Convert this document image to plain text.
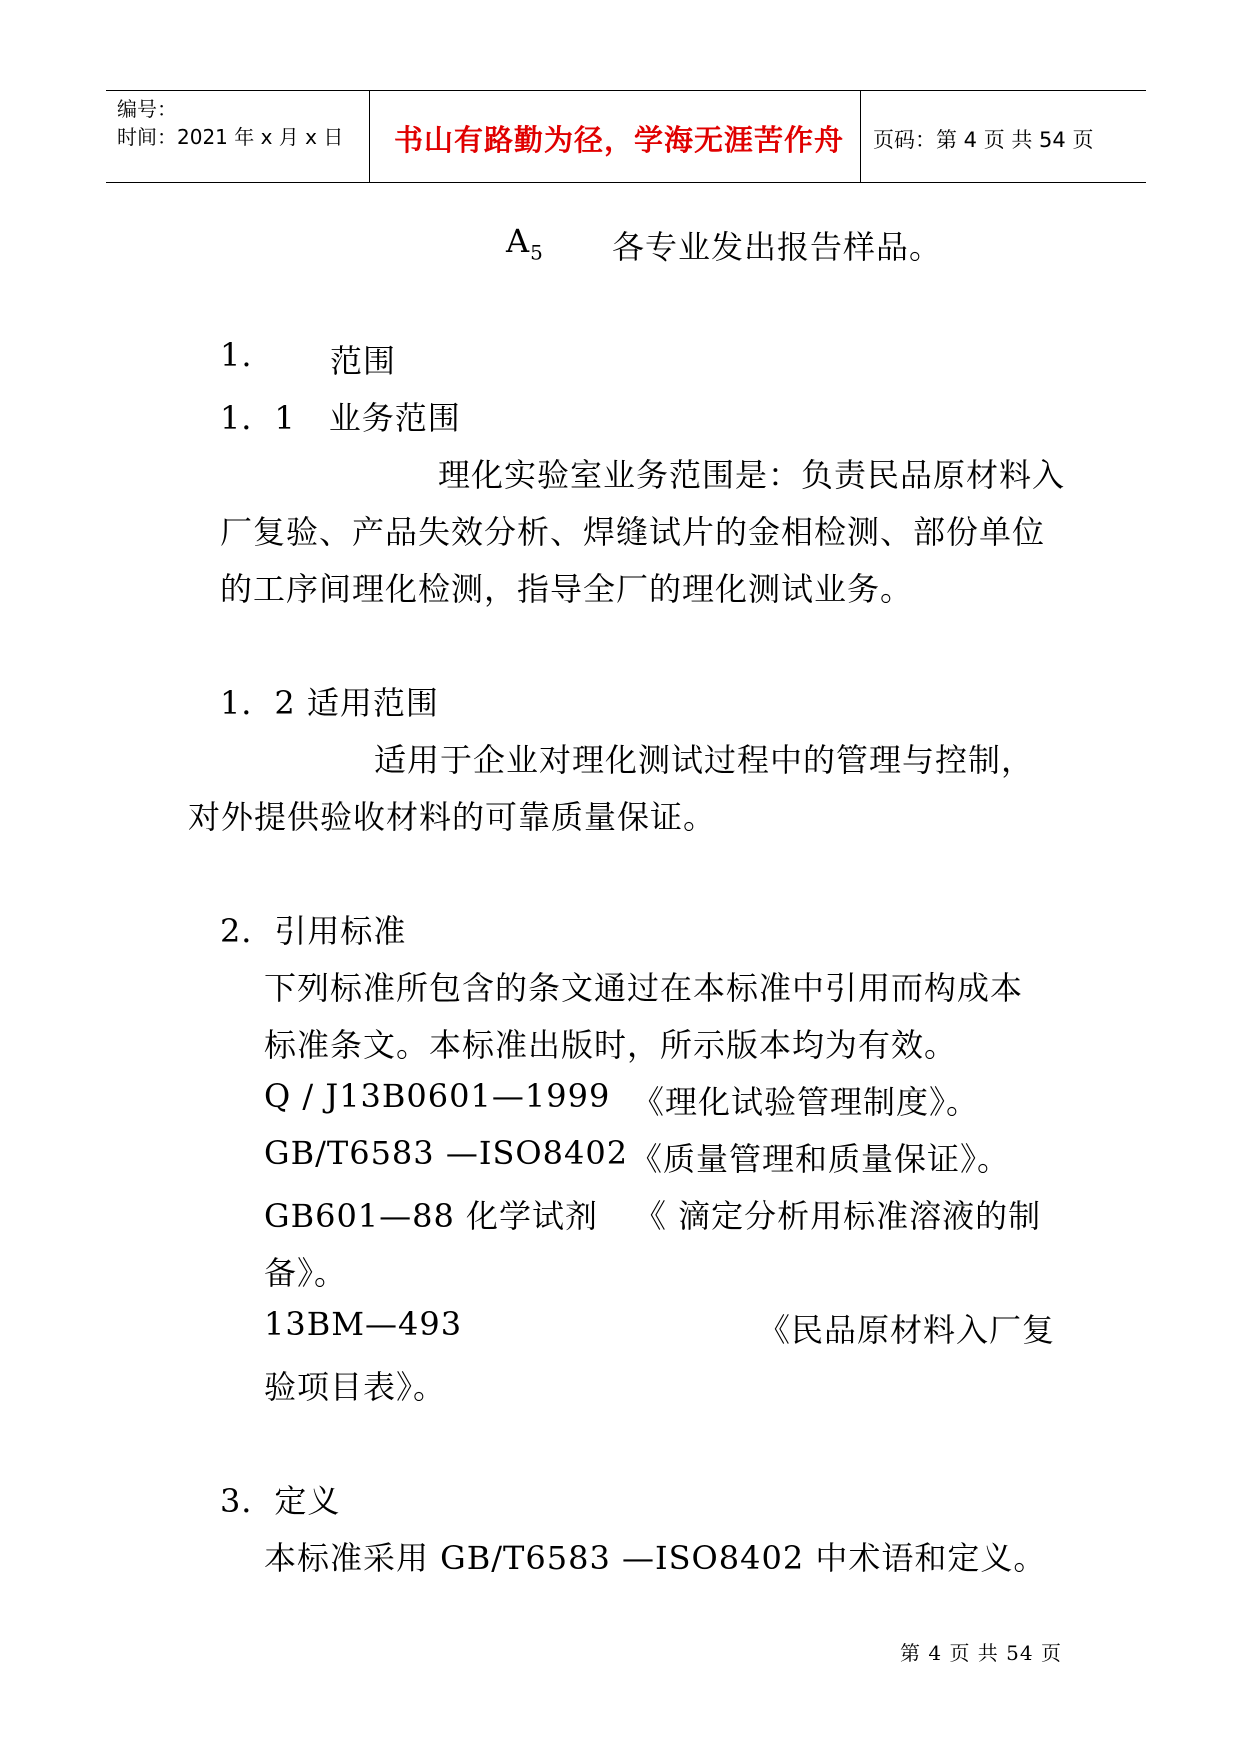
编号：
时间：2021 年 x 月 x 日 书山有路勤为径，学海无涯苦作舟 页码：第 4 页 共 54 页
$A_5$ 各专业发出报告样品。
1. 范围
1．1　业务范围
理化实验室业务范围是：负责民品原材料入
厂复验、产品失效分析、焊缝试片的金相检测、部份单位
的工序间理化检测，指导全厂的理化测试业务。
1．2 适用范围
适用于企业对理化测试过程中的管理与控制，
对外提供验收材料的可靠质量保证。
2．引用标准
下列标准所包含的条文通过在本标准中引用而构成本
标准条文。本标准出版时，所示版本均为有效。
Q / J13B0601—1999 《理化试验管理制度》。
GB/T6583 —ISO8402 《质量管理和质量保证》。
GB601—88 化学试剂 《 滴定分析用标准溶液的制
备》。
13BM—493	《民品原材料入厂复
验项目表》。
3．定义
本标准采用 GB/T6583 —ISO8402 中术语和定义。
第 4 页 共 54 页
